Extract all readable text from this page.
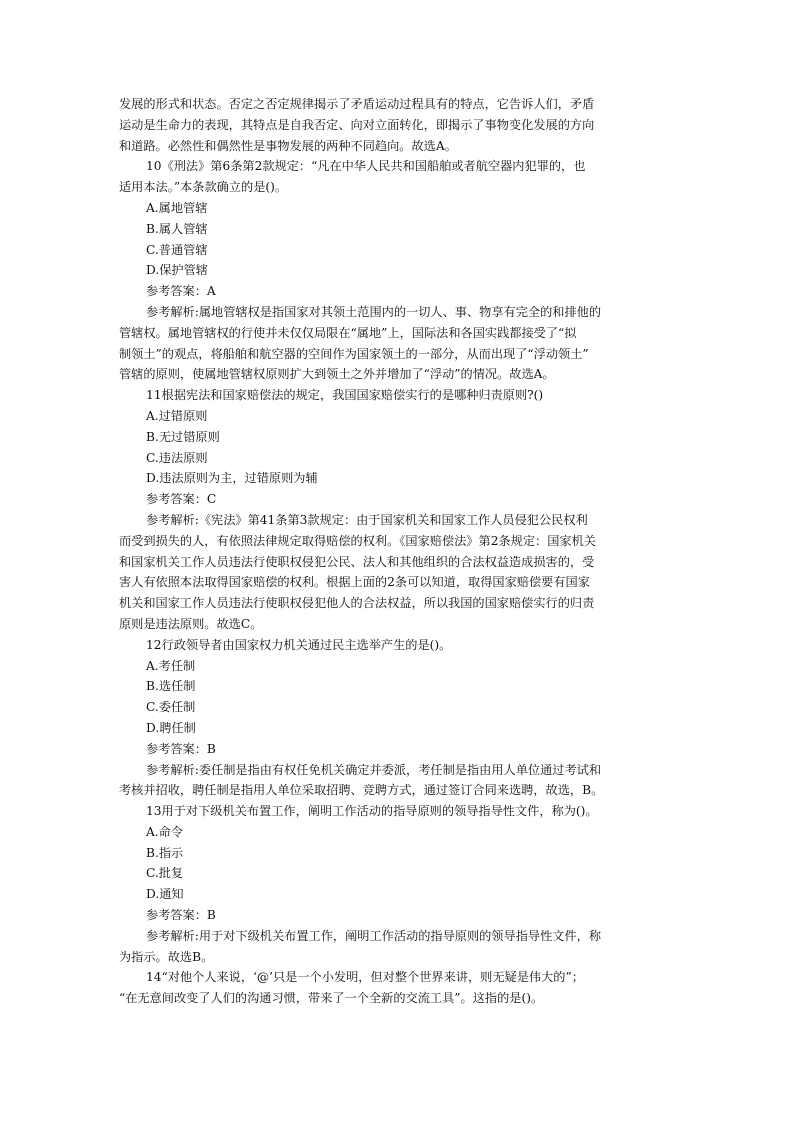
发展的形式和状态。否定之否定规律揭示了矛盾运动过程具有的特点，它告诉人们，矛盾
运动是生命力的表现，其特点是自我否定、向对立面转化，即揭示了事物变化发展的方向
和道路。必然性和偶然性是事物发展的两种不同趋向。故选A。
10《刑法》第6条第2款规定：“凡在中华人民共和国船舶或者航空器内犯罪的，也
适用本法。”本条款确立的是()。
A.属地管辖
B.属人管辖
C.普通管辖
D.保护管辖
参考答案：A
参考解析:属地管辖权是指国家对其领土范围内的一切人、事、物享有完全的和排他的
管辖权。属地管辖权的行使并未仅仅局限在“属地”上，国际法和各国实践都接受了“拟
制领土”的观点，将船舶和航空器的空间作为国家领土的一部分，从而出现了“浮动领土”
管辖的原则，使属地管辖权原则扩大到领土之外并增加了“浮动”的情况。故选A。
11根据宪法和国家赔偿法的规定，我国国家赔偿实行的是哪种归责原则?()
A.过错原则
B.无过错原则
C.违法原则
D.违法原则为主，过错原则为辅
参考答案：C
参考解析:《宪法》第41条第3款规定：由于国家机关和国家工作人员侵犯公民权利
而受到损失的人，有依照法律规定取得赔偿的权利。《国家赔偿法》第2条规定：国家机关
和国家机关工作人员违法行使职权侵犯公民、法人和其他组织的合法权益造成损害的，受
害人有依照本法取得国家赔偿的权利。根据上面的2条可以知道，取得国家赔偿要有国家
机关和国家工作人员违法行使职权侵犯他人的合法权益，所以我国的国家赔偿实行的归责
原则是违法原则。故选C。
12行政领导者由国家权力机关通过民主选举产生的是()。
A.考任制
B.选任制
C.委任制
D.聘任制
参考答案：B
参考解析:委任制是指由有权任免机关确定并委派，考任制是指由用人单位通过考试和
考核并招收，聘任制是指用人单位采取招聘、竞聘方式，通过签订合同来选聘，故选，B。
13用于对下级机关布置工作，阐明工作活动的指导原则的领导指导性文件，称为()。
A.命令
B.指示
C.批复
D.通知
参考答案：B
参考解析:用于对下级机关布置工作，阐明工作活动的指导原则的领导指导性文件，称
为指示。故选B。
14“对他个人来说，‘@’只是一个小发明，但对整个世界来讲，则无疑是伟大的”；
“在无意间改变了人们的沟通习惯，带来了一个全新的交流工具”。这指的是()。
